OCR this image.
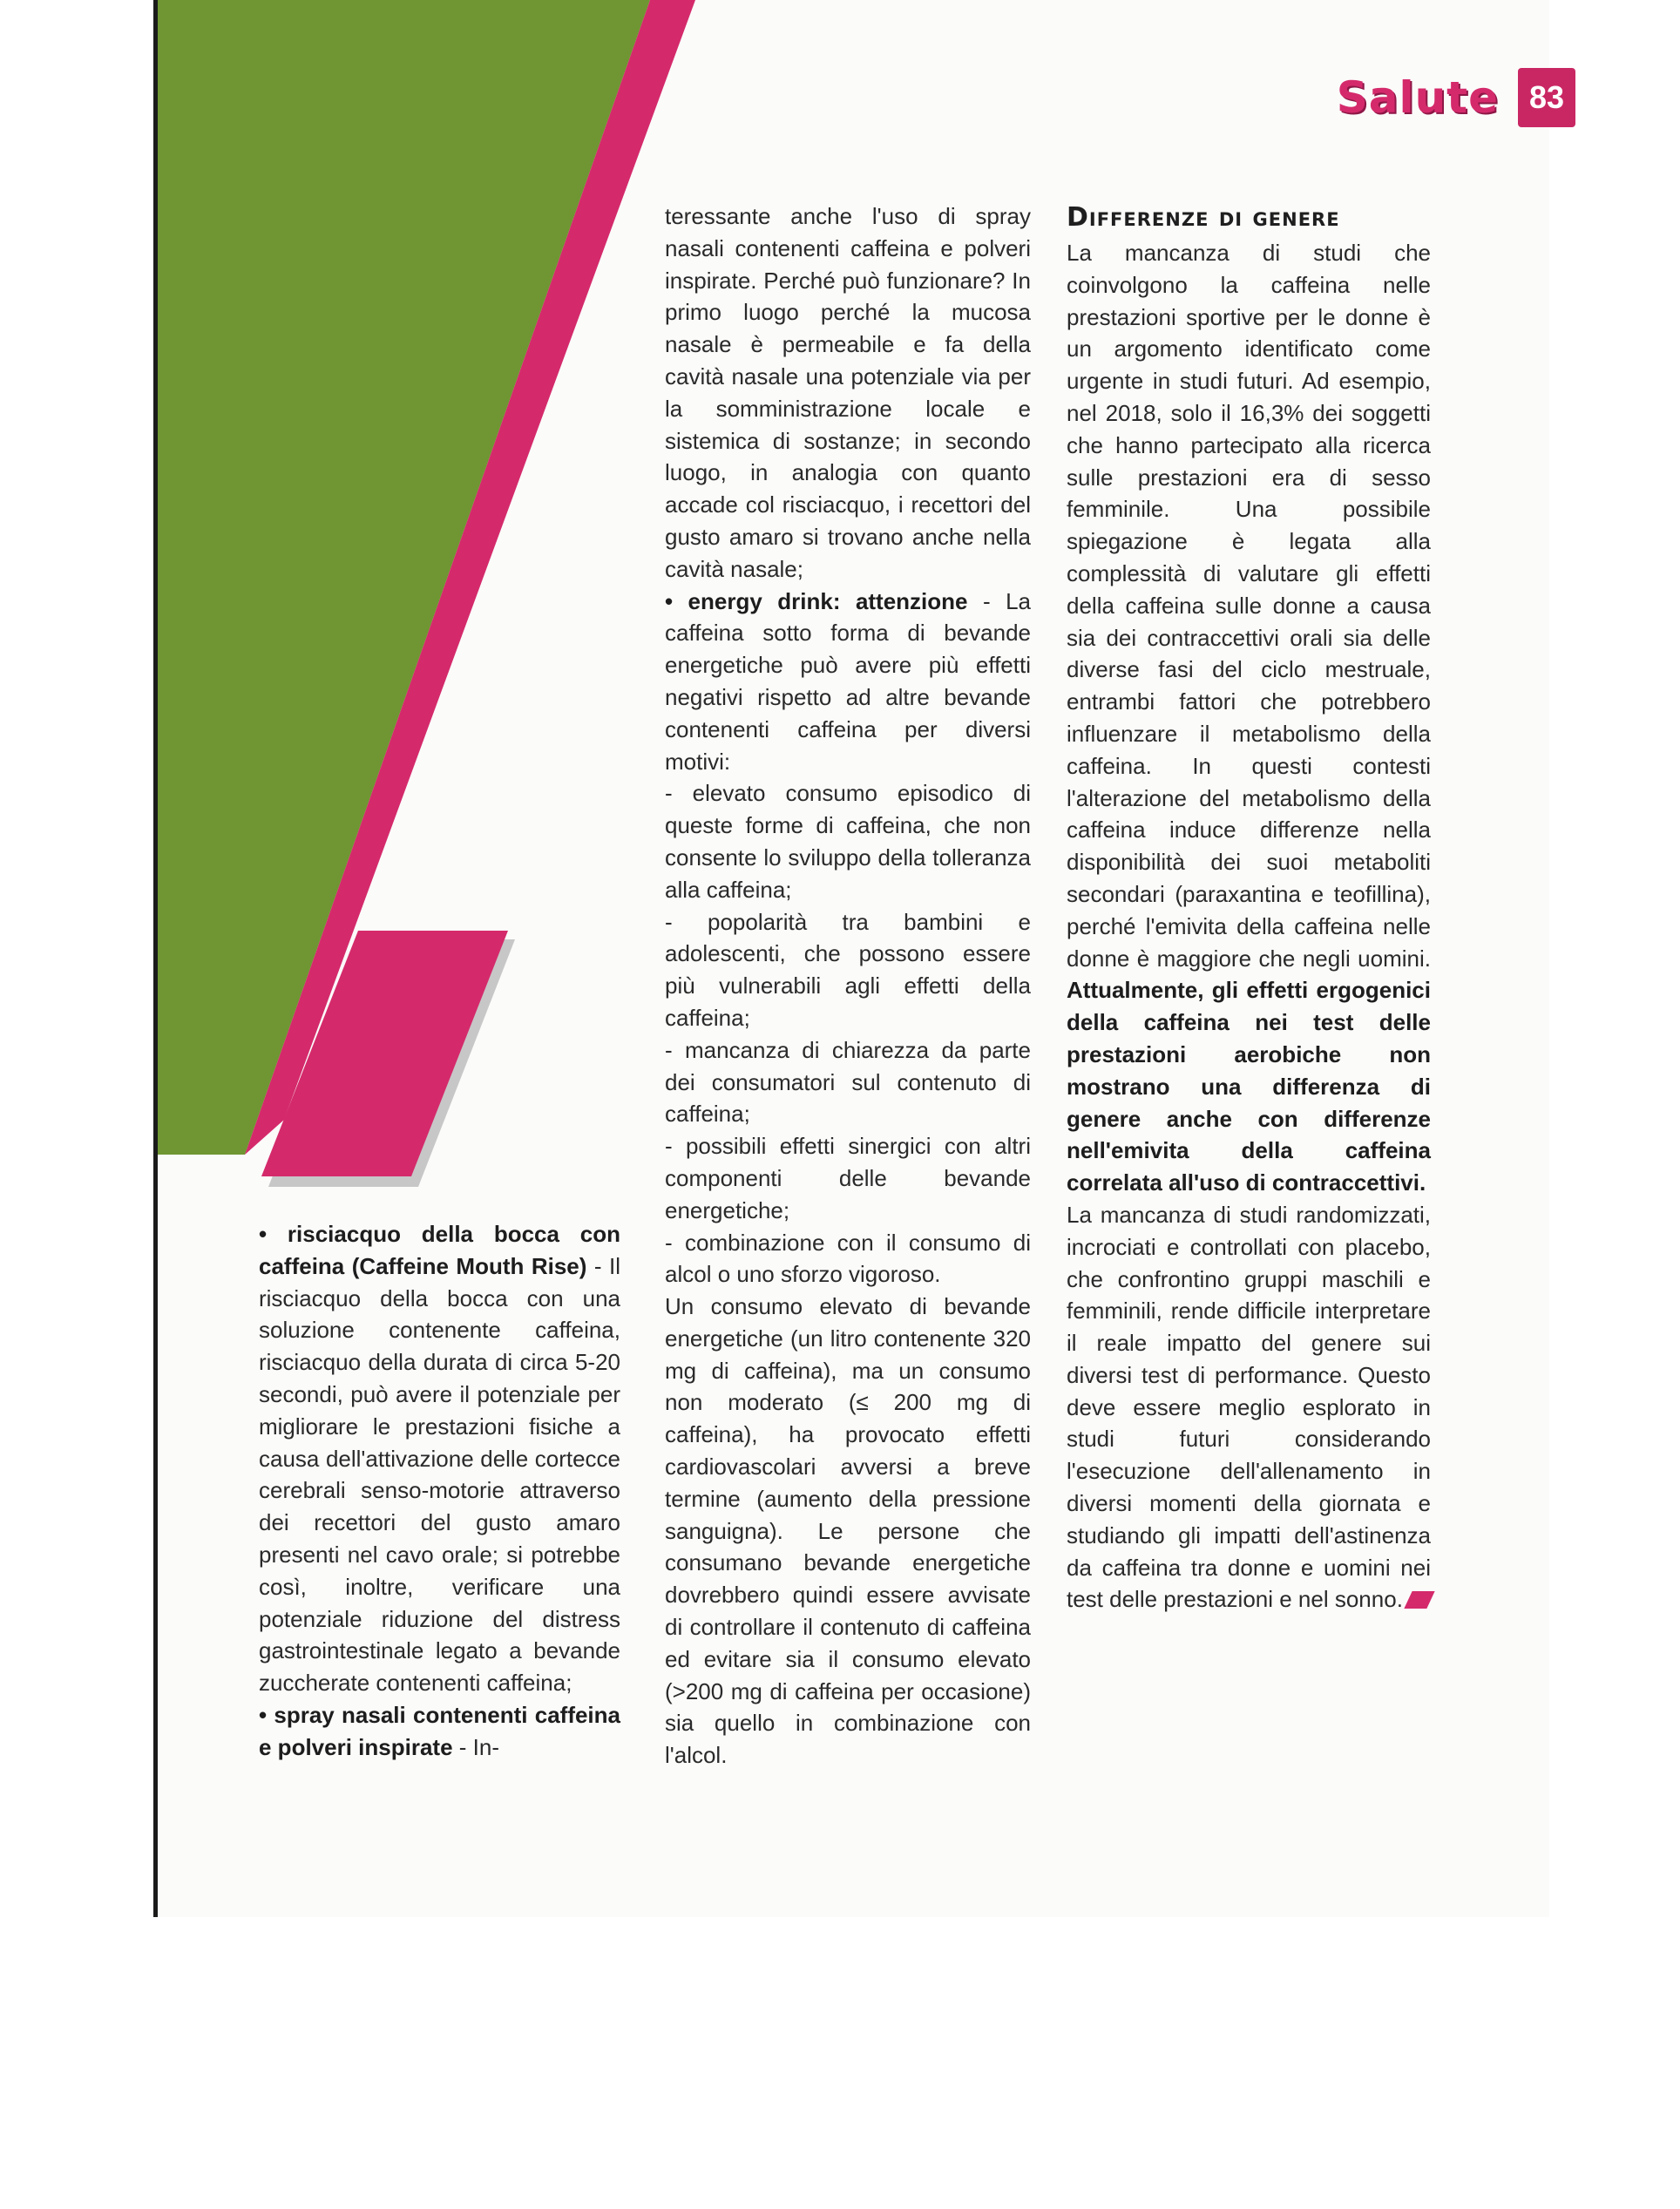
Salute 83

• risciacquo della bocca con caffeina (Caffeine Mouth Rise) - Il risciacquo della bocca con una soluzione contenente caffeina, risciacquo della durata di circa 5-20 secondi, può avere il potenziale per migliorare le prestazioni fisiche a causa dell'attivazione delle cortecce cerebrali senso-motorie attraverso dei recettori del gusto amaro presenti nel cavo orale; si potrebbe così, inoltre, verificare una potenziale riduzione del distress gastrointestinale legato a bevande zuccherate contenenti caffeina;

• spray nasali contenenti caffeina e polveri inspirate - In-

teressante anche l'uso di spray nasali contenenti caffeina e polveri inspirate. Perché può funzionare? In primo luogo perché la mucosa nasale è permeabile e fa della cavità nasale una potenziale via per la somministrazione locale e sistemica di sostanze; in secondo luogo, in analogia con quanto accade col risciacquo, i recettori del gusto amaro si trovano anche nella cavità nasale;

• energy drink: attenzione - La caffeina sotto forma di bevande energetiche può avere più effetti negativi rispetto ad altre bevande contenenti caffeina per diversi motivi:

- elevato consumo episodico di queste forme di caffeina, che non consente lo sviluppo della tolleranza alla caffeina;

- popolarità tra bambini e adolescenti, che possono essere più vulnerabili agli effetti della caffeina;

- mancanza di chiarezza da parte dei consumatori sul contenuto di caffeina;

- possibili effetti sinergici con altri componenti delle bevande energetiche;

- combinazione con il consumo di alcol o uno sforzo vigoroso.

Un consumo elevato di bevande energetiche (un litro contenente 320 mg di caffeina), ma un consumo non moderato (≤ 200 mg di caffeina), ha provocato effetti cardiovascolari avversi a breve termine (aumento della pressione sanguigna). Le persone che consumano bevande energetiche dovrebbero quindi essere avvisate di controllare il contenuto di caffeina ed evitare sia il consumo elevato (>200 mg di caffeina per occasione) sia quello in combinazione con l'alcol.

Differenze di genere

La mancanza di studi che coinvolgono la caffeina nelle prestazioni sportive per le donne è un argomento identificato come urgente in studi futuri. Ad esempio, nel 2018, solo il 16,3% dei soggetti che hanno partecipato alla ricerca sulle prestazioni era di sesso femminile. Una possibile spiegazione è legata alla complessità di valutare gli effetti della caffeina sulle donne a causa sia dei contraccettivi orali sia delle diverse fasi del ciclo mestruale, entrambi fattori che potrebbero influenzare il metabolismo della caffeina. In questi contesti l'alterazione del metabolismo della caffeina induce differenze nella disponibilità dei suoi metaboliti secondari (paraxantina e teofillina), perché l'emivita della caffeina nelle donne è maggiore che negli uomini. Attualmente, gli effetti ergogenici della caffeina nei test delle prestazioni aerobiche non mostrano una differenza di genere anche con differenze nell'emivita della caffeina correlata all'uso di contraccettivi.

La mancanza di studi randomizzati, incrociati e controllati con placebo, che confrontino gruppi maschili e femminili, rende difficile interpretare il reale impatto del genere sui diversi test di performance. Questo deve essere meglio esplorato in studi futuri considerando l'esecuzione dell'allenamento in diversi momenti della giornata e studiando gli impatti dell'astinenza da caffeina tra donne e uomini nei test delle prestazioni e nel sonno.
